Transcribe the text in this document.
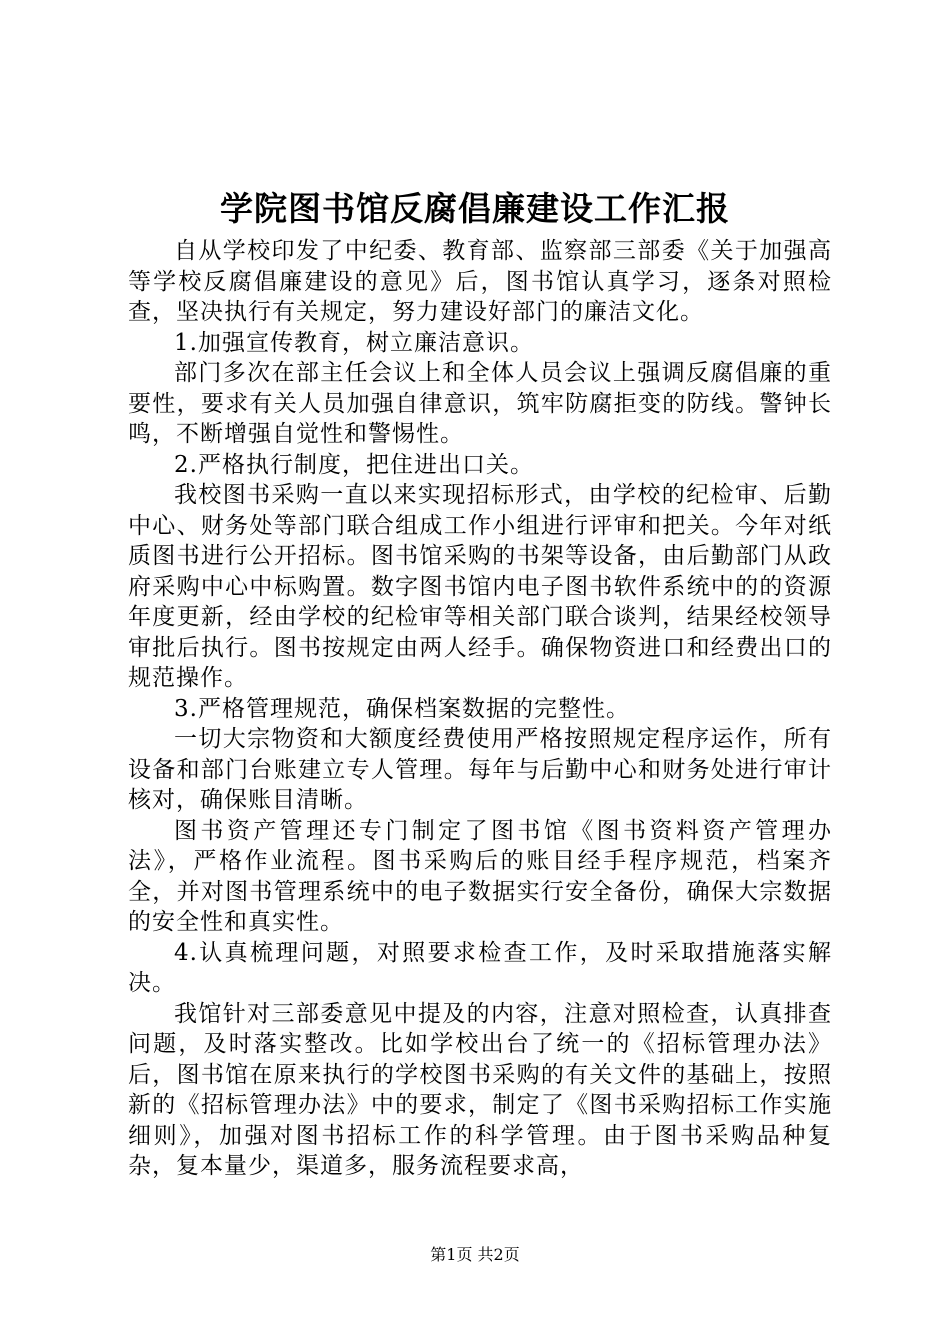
学院图书馆反腐倡廉建设工作汇报

自从学校印发了中纪委、教育部、监察部三部委《关于加强高等学校反腐倡廉建设的意见》后，图书馆认真学习，逐条对照检查，坚决执行有关规定，努力建设好部门的廉洁文化。

1.加强宣传教育，树立廉洁意识。

部门多次在部主任会议上和全体人员会议上强调反腐倡廉的重要性，要求有关人员加强自律意识，筑牢防腐拒变的防线。警钟长鸣，不断增强自觉性和警惕性。

2.严格执行制度，把住进出口关。

我校图书采购一直以来实现招标形式，由学校的纪检审、后勤中心、财务处等部门联合组成工作小组进行评审和把关。今年对纸质图书进行公开招标。图书馆采购的书架等设备，由后勤部门从政府采购中心中标购置。数字图书馆内电子图书软件系统中的的资源年度更新，经由学校的纪检审等相关部门联合谈判，结果经校领导审批后执行。图书按规定由两人经手。确保物资进口和经费出口的规范操作。

3.严格管理规范，确保档案数据的完整性。

一切大宗物资和大额度经费使用严格按照规定程序运作，所有设备和部门台账建立专人管理。每年与后勤中心和财务处进行审计核对，确保账目清晰。

图书资产管理还专门制定了图书馆《图书资料资产管理办法》，严格作业流程。图书采购后的账目经手程序规范，档案齐全，并对图书管理系统中的电子数据实行安全备份，确保大宗数据的安全性和真实性。

4.认真梳理问题，对照要求检查工作，及时采取措施落实解决。

我馆针对三部委意见中提及的内容，注意对照检查，认真排查问题，及时落实整改。比如学校出台了统一的《招标管理办法》后，图书馆在原来执行的学校图书采购的有关文件的基础上，按照新的《招标管理办法》中的要求，制定了《图书采购招标工作实施细则》，加强对图书招标工作的科学管理。由于图书采购品种复杂，复本量少，渠道多，服务流程要求高，

第1页 共2页
